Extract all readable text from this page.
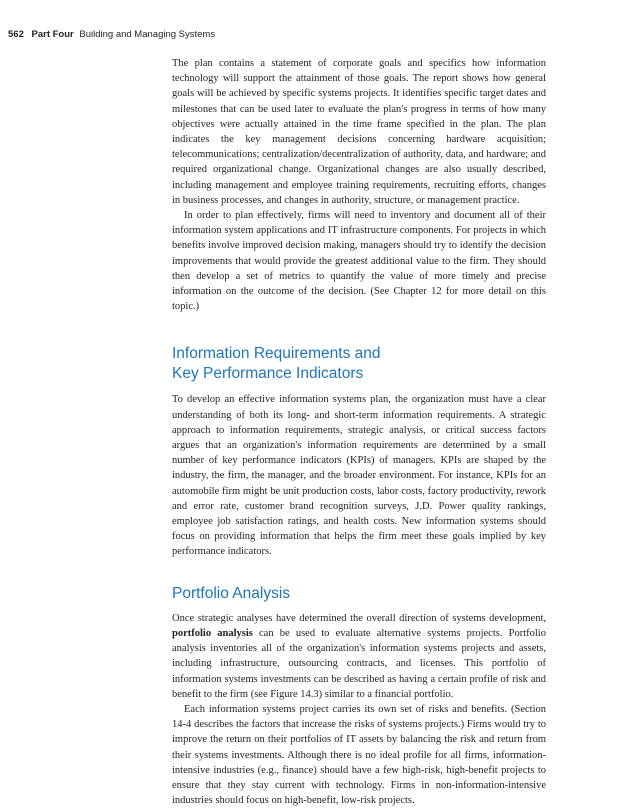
562 Part Four Building and Managing Systems

The plan contains a statement of corporate goals and specifics how information technology will support the attainment of those goals. The report shows how general goals will be achieved by specific systems projects. It identifies specific target dates and milestones that can be used later to evaluate the plan's progress in terms of how many objectives were actually attained in the time frame specified in the plan. The plan indicates the key management decisions concerning hardware acquisition; telecommunications; centralization/decentralization of authority, data, and hardware; and required organizational change. Organizational changes are also usually described, including management and employee training requirements, recruiting efforts, changes in business processes, and changes in authority, structure, or management practice.

In order to plan effectively, firms will need to inventory and document all of their information system applications and IT infrastructure components. For projects in which benefits involve improved decision making, managers should try to identify the decision improvements that would provide the greatest additional value to the firm. They should then develop a set of metrics to quantify the value of more timely and precise information on the outcome of the decision. (See Chapter 12 for more detail on this topic.)

Information Requirements and
Key Performance Indicators

To develop an effective information systems plan, the organization must have a clear understanding of both its long- and short-term information requirements. A strategic approach to information requirements, strategic analysis, or critical success factors argues that an organization's information requirements are determined by a small number of key performance indicators (KPIs) of managers. KPIs are shaped by the industry, the firm, the manager, and the broader environment. For instance, KPIs for an automobile firm might be unit production costs, labor costs, factory productivity, rework and error rate, customer brand recognition surveys, J.D. Power quality rankings, employee job satisfaction ratings, and health costs. New information systems should focus on providing information that helps the firm meet these goals implied by key performance indicators.

Portfolio Analysis

Once strategic analyses have determined the overall direction of systems development, portfolio analysis can be used to evaluate alternative systems projects. Portfolio analysis inventories all of the organization's information systems projects and assets, including infrastructure, outsourcing contracts, and licenses. This portfolio of information systems investments can be described as having a certain profile of risk and benefit to the firm (see Figure 14.3) similar to a financial portfolio.

Each information systems project carries its own set of risks and benefits. (Section 14-4 describes the factors that increase the risks of systems projects.) Firms would try to improve the return on their portfolios of IT assets by balancing the risk and return from their systems investments. Although there is no ideal profile for all firms, information-intensive industries (e.g., finance) should have a few high-risk, high-benefit projects to ensure that they stay current with technology. Firms in non-information-intensive industries should focus on high-benefit, low-risk projects.
